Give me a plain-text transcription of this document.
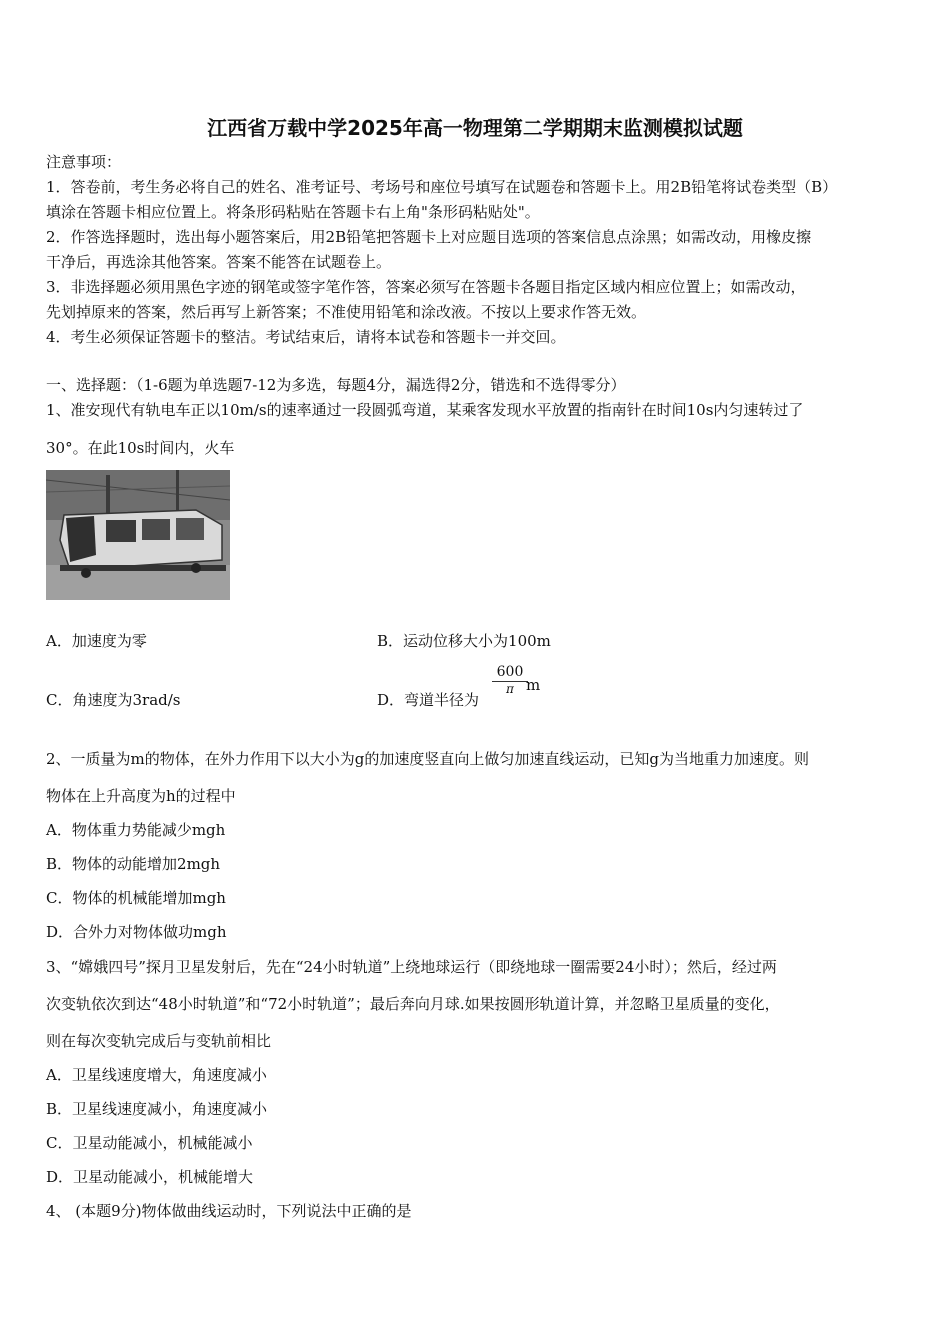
江西省万载中学2025年高一物理第二学期期末监测模拟试题
注意事项：
1．答卷前，考生务必将自己的姓名、准考证号、考场号和座位号填写在试题卷和答题卡上。用2B铅笔将试卷类型（B）
填涂在答题卡相应位置上。将条形码粘贴在答题卡右上角"条形码粘贴处"。
2．作答选择题时，选出每小题答案后，用2B铅笔把答题卡上对应题目选项的答案信息点涂黑；如需改动，用橡皮擦
干净后，再选涂其他答案。答案不能答在试题卷上。
3．非选择题必须用黑色字迹的钢笔或签字笔作答，答案必须写在答题卡各题目指定区域内相应位置上；如需改动，
先划掉原来的答案，然后再写上新答案；不准使用铅笔和涂改液。不按以上要求作答无效。
4．考生必须保证答题卡的整洁。考试结束后，请将本试卷和答题卡一并交回。
一、选择题：（1-6题为单选题7-12为多选，每题4分，漏选得2分，错选和不选得零分）
1、准安现代有轨电车正以10m/s的速率通过一段圆弧弯道，某乘客发现水平放置的指南针在时间10s内匀速转过了
30°。在此10s时间内，火车
A．加速度为零	B．运动位移大小为100m
C．角速度为3rad/s	D．弯道半径为
$\frac{600}{\pi}$
m
2、一质量为m的物体，在外力作用下以大小为g的加速度竖直向上做匀加速直线运动，已知g为当地重力加速度。则
物体在上升高度为h的过程中
A．物体重力势能减少mgh
B．物体的动能增加2mgh
C．物体的机械能增加mgh
D．合外力对物体做功mgh
3、“嫦娥四号”探月卫星发射后，先在“24小时轨道”上绕地球运行（即绕地球一圈需要24小时）；然后，经过两
次变轨依次到达“48小时轨道”和“72小时轨道”；最后奔向月球.如果按圆形轨道计算，并忽略卫星质量的变化，
则在每次变轨完成后与变轨前相比
A．卫星线速度增大，角速度减小
B．卫星线速度减小，角速度减小
C．卫星动能减小，机械能减小
D．卫星动能减小，机械能增大
4、 (本题9分)物体做曲线运动时，下列说法中正确的是
